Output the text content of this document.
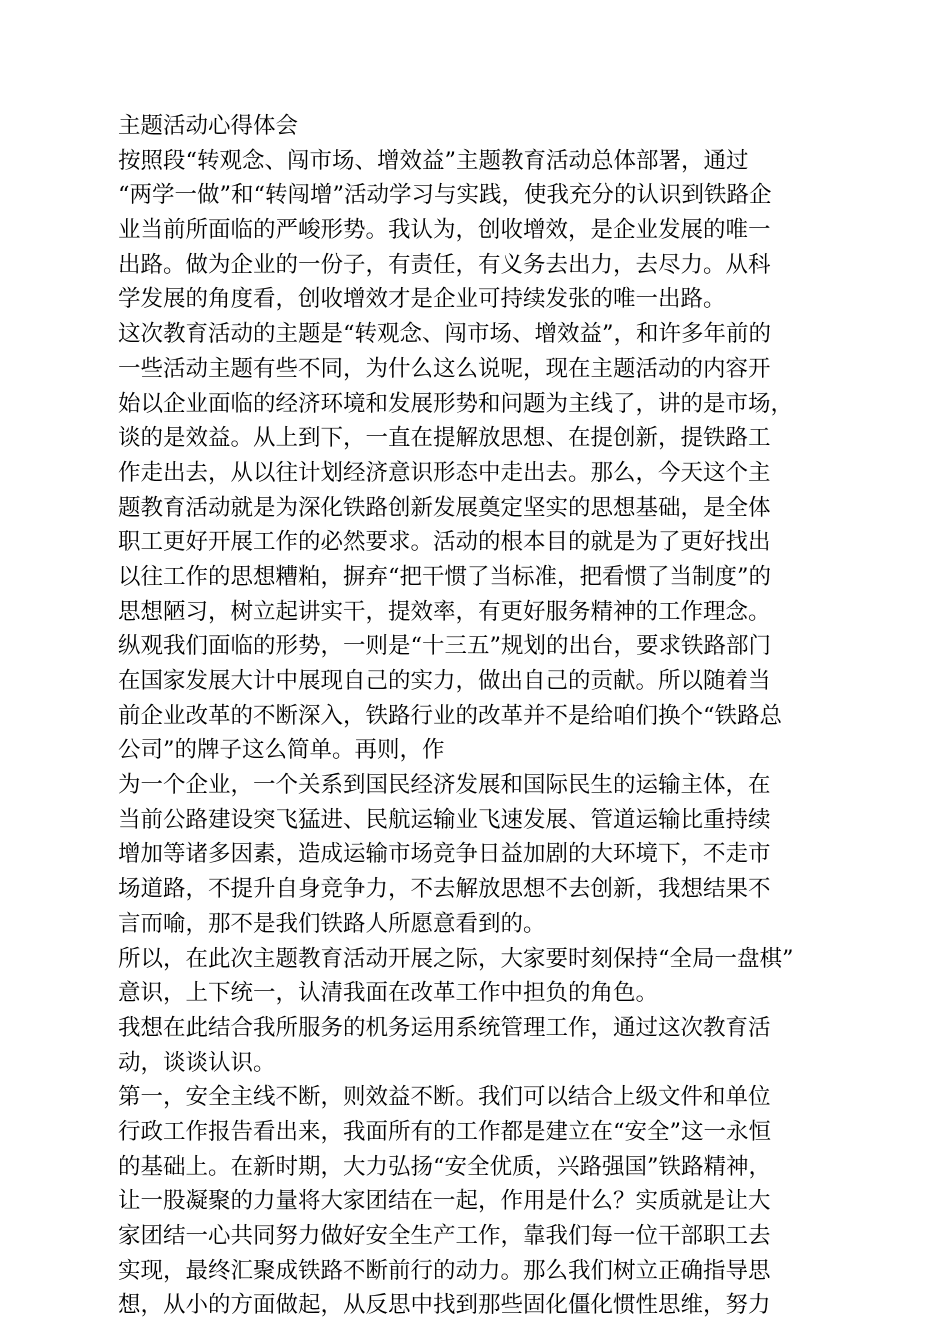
主题活动心得体会
按照段“转观念、闯市场、增效益”主题教育活动总体部署，通过
“两学一做”和“转闯增”活动学习与实践，使我充分的认识到铁路企
业当前所面临的严峻形势。我认为，创收增效，是企业发展的唯一
出路。做为企业的一份子，有责任，有义务去出力，去尽力。从科
学发展的角度看，创收增效才是企业可持续发张的唯一出路。
这次教育活动的主题是“转观念、闯市场、增效益”，和许多年前的
一些活动主题有些不同，为什么这么说呢，现在主题活动的内容开
始以企业面临的经济环境和发展形势和问题为主线了，讲的是市场，
谈的是效益。从上到下，一直在提解放思想、在提创新，提铁路工
作走出去，从以往计划经济意识形态中走出去。那么，今天这个主
题教育活动就是为深化铁路创新发展奠定坚实的思想基础，是全体
职工更好开展工作的必然要求。活动的根本目的就是为了更好找出
以往工作的思想糟粕，摒弃“把干惯了当标准，把看惯了当制度”的
思想陋习，树立起讲实干，提效率，有更好服务精神的工作理念。
纵观我们面临的形势，一则是“十三五”规划的出台，要求铁路部门
在国家发展大计中展现自己的实力，做出自己的贡献。所以随着当
前企业改革的不断深入，铁路行业的改革并不是给咱们换个“铁路总
公司”的牌子这么简单。再则，作
为一个企业，一个关系到国民经济发展和国际民生的运输主体，在
当前公路建设突飞猛进、民航运输业飞速发展、管道运输比重持续
增加等诸多因素，造成运输市场竞争日益加剧的大环境下，不走市
场道路，不提升自身竞争力，不去解放思想不去创新，我想结果不
言而喻，那不是我们铁路人所愿意看到的。
所以，在此次主题教育活动开展之际，大家要时刻保持“全局一盘棋”
意识，上下统一，认清我面在改革工作中担负的角色。
我想在此结合我所服务的机务运用系统管理工作，通过这次教育活
动，谈谈认识。
第一，安全主线不断，则效益不断。我们可以结合上级文件和单位
行政工作报告看出来，我面所有的工作都是建立在“安全”这一永恒
的基础上。在新时期，大力弘扬“安全优质，兴路强国”铁路精神，
让一股凝聚的力量将大家团结在一起，作用是什么？实质就是让大
家团结一心共同努力做好安全生产工作，靠我们每一位干部职工去
实现，最终汇聚成铁路不断前行的动力。那么我们树立正确指导思
想，从小的方面做起，从反思中找到那些固化僵化惯性思维，努力
